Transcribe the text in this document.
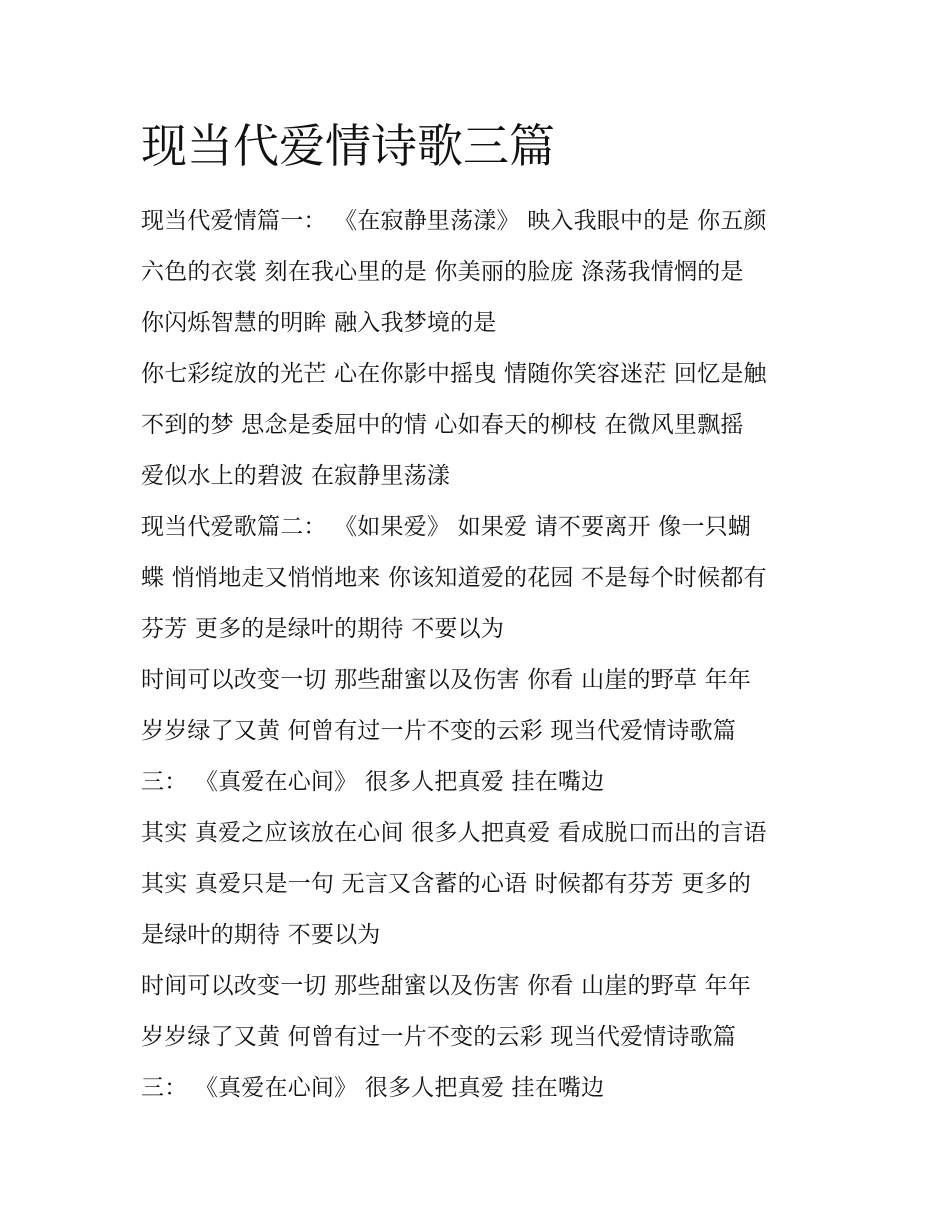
现当代爱情诗歌三篇
现当代爱情篇一： 《在寂静里荡漾》 映入我眼中的是 你五颜
六色的衣裳 刻在我心里的是 你美丽的脸庞 涤荡我情惘的是
你闪烁智慧的明眸 融入我梦境的是
你七彩绽放的光芒 心在你影中摇曳 情随你笑容迷茫 回忆是触
不到的梦 思念是委屈中的情 心如春天的柳枝 在微风里飘摇
爱似水上的碧波 在寂静里荡漾
现当代爱歌篇二： 《如果爱》 如果爱 请不要离开 像一只蝴
蝶 悄悄地走又悄悄地来 你该知道爱的花园 不是每个时候都有
芬芳 更多的是绿叶的期待 不要以为
时间可以改变一切 那些甜蜜以及伤害 你看 山崖的野草 年年
岁岁绿了又黄 何曾有过一片不变的云彩 现当代爱情诗歌篇
三： 《真爱在心间》 很多人把真爱 挂在嘴边
其实 真爱之应该放在心间 很多人把真爱 看成脱口而出的言语
其实 真爱只是一句 无言又含蓄的心语 时候都有芬芳 更多的
是绿叶的期待 不要以为
时间可以改变一切 那些甜蜜以及伤害 你看 山崖的野草 年年
岁岁绿了又黄 何曾有过一片不变的云彩 现当代爱情诗歌篇
三： 《真爱在心间》 很多人把真爱 挂在嘴边
